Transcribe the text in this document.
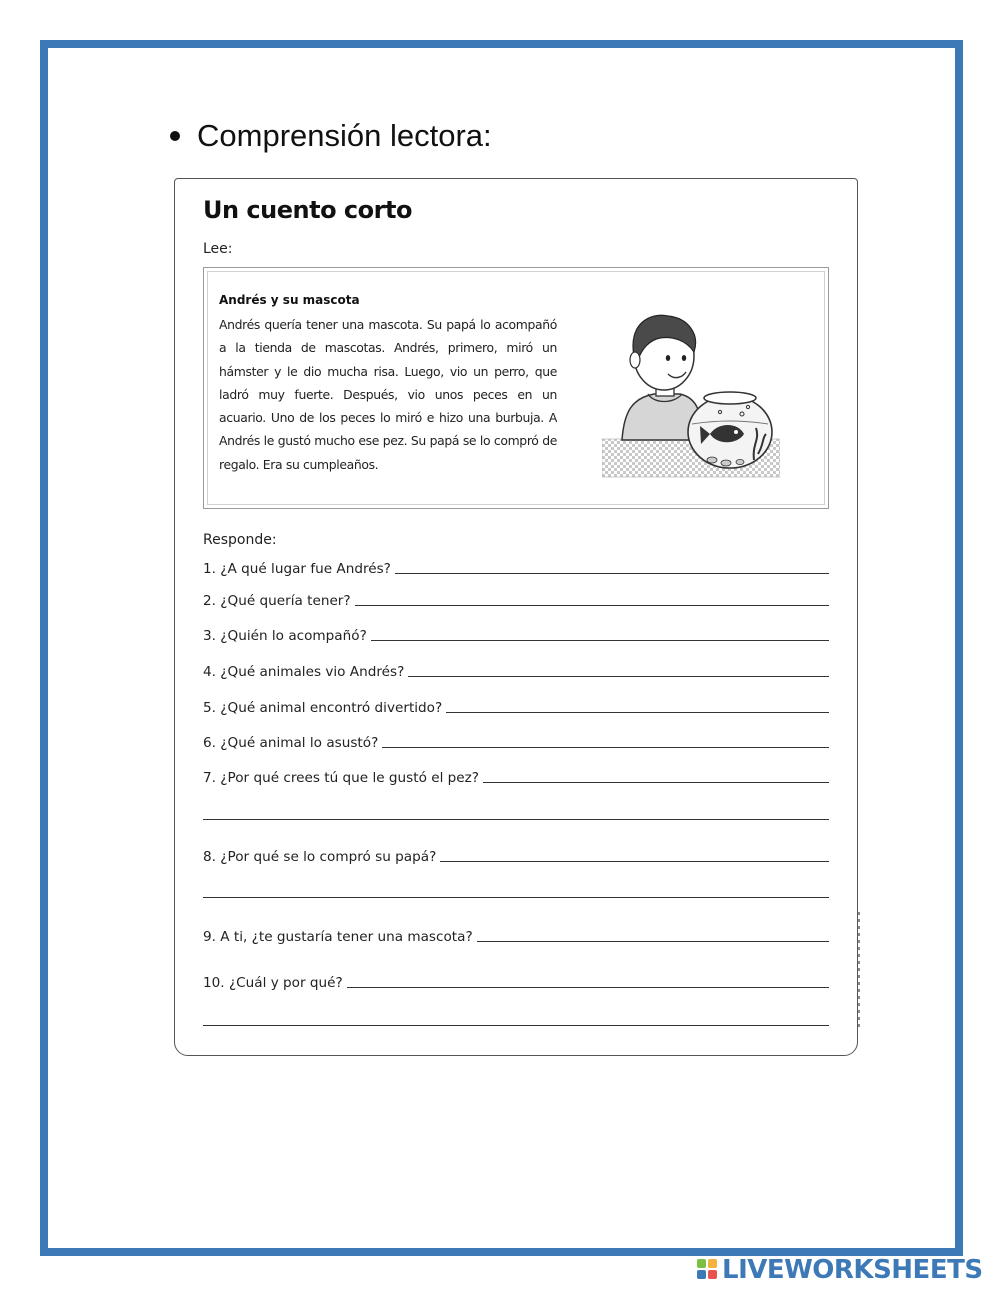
Comprensión lectora:
Un cuento corto
Lee:
Andrés y su mascota
Andrés quería tener una mascota. Su papá lo acompañó a la tienda de mascotas. Andrés, primero, miró un hámster y le dio mucha risa. Luego, vio un perro, que ladró muy fuerte. Después, vio unos peces en un acuario. Uno de los peces lo miró e hizo una burbuja. A Andrés le gustó mucho ese pez. Su papá se lo compró de regalo. Era su cumpleaños.
Responde:
1. ¿A qué lugar fue Andrés?
2. ¿Qué quería tener?
3. ¿Quién lo acompañó?
4. ¿Qué animales vio Andrés?
5. ¿Qué animal encontró divertido?
6. ¿Qué animal lo asustó?
7. ¿Por qué crees tú que le gustó el pez?
8. ¿Por qué se lo compró su papá?
9. A ti, ¿te gustaría tener una mascota?
10. ¿Cuál y por qué?
LIVEWORKSHEETS
